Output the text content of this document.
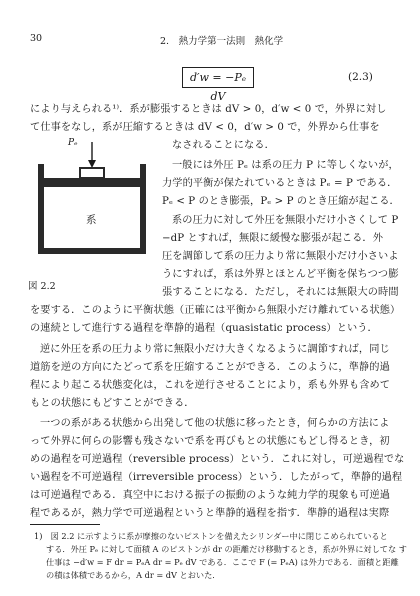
30	2.　熱力学第一法則　熱化学
d′w = −Pₑ dV
(2.3)
により与えられる¹⁾．系が膨張するときは dV > 0，d′w < 0 で，外界に対し
て仕事をなし，系が圧縮するときは dV < 0，d′w > 0 で，外界から仕事を
なされることになる．
一般には外圧 Pₑ は系の圧力 P に等しくないが，
力学的平衡が保たれているときは Pₑ = P である．
Pₑ < P のとき膨張，Pₑ > P のとき圧縮が起こる．
系の圧力に対して外圧を無限小だけ小さくして P
−dP とすれば，無限に緩慢な膨張が起こる．外
圧を調節して系の圧力より常に無限小だけ小さいよ
うにすれば，系は外界とほとんど平衡を保ちつつ膨
張することになる．ただし，それには無限大の時間
Pₑ
系
図 2.2
を要する．このように平衡状態（正確には平衡から無限小だけ離れている状態）
の連続として進行する過程を準静的過程（quasistatic process）という．
逆に外圧を系の圧力より常に無限小だけ大きくなるように調節すれば，同じ
道筋を逆の方向にたどって系を圧縮することができる．このように，準静的過
程により起こる状態変化は，これを逆行させることにより，系も外界も含めて
もとの状態にもどすことができる．
一つの系がある状態から出発して他の状態に移ったとき，何らかの方法によ
って外界に何らの影響も残さないで系を再びもとの状態にもどし得るとき，初
めの過程を可逆過程（reversible process）という．これに対し，可逆過程でな
い過程を不可逆過程（irreversible process）という．したがって，準静的過程
は可逆過程である．真空中における振子の振動のような純力学的現象も可逆過
程であるが，熱力学で可逆過程というと準静的過程を指す．準静的過程は実際
1)　図 2.2 に示すように系が摩擦のないピストンを備えたシリンダー中に閉じこめられていると
する．外圧 Pₑ に対して面積 A のピストンが dr の距離だけ移動するとき，系が外界に対してな す
仕事は −d′w = F dr = PₑA dr = Pₑ dV である．ここで F (= PₑA) は外力である．面積と距離
の積は体積であるから，A dr = dV とおいた．
